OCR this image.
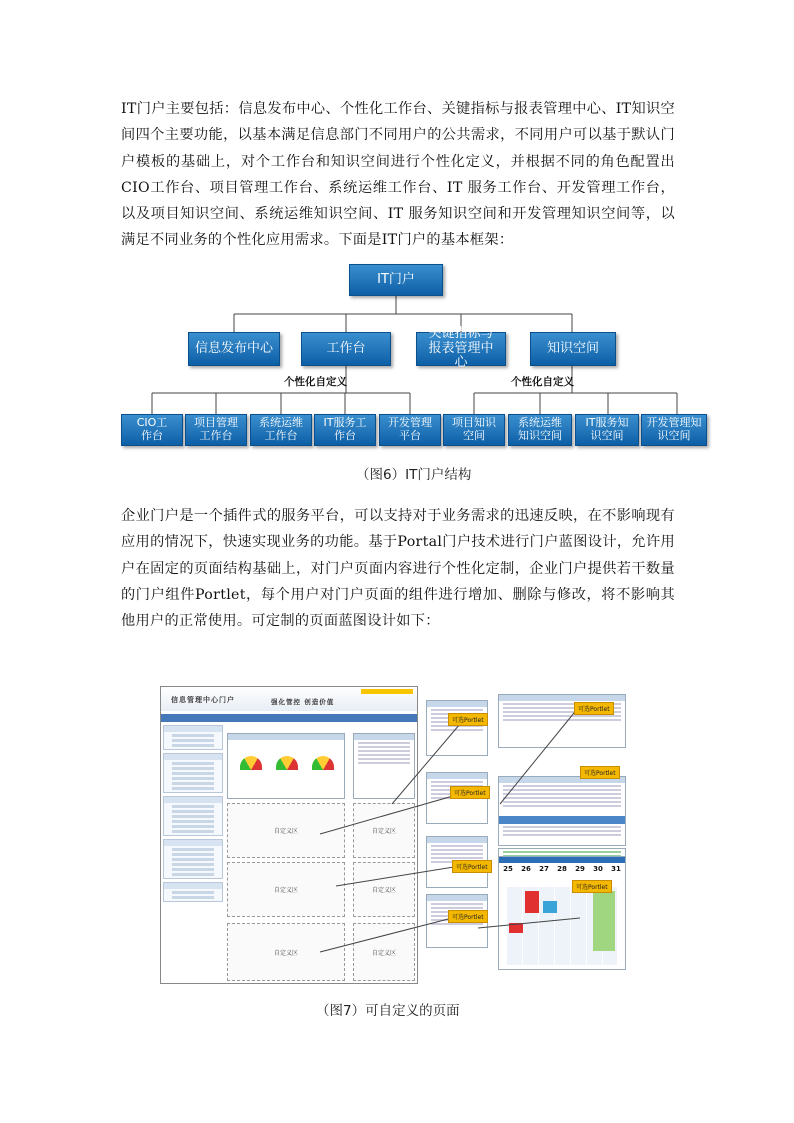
IT门户主要包括：信息发布中心、个性化工作台、关键指标与报表管理中心、IT知识空间四个主要功能，以基本满足信息部门不同用户的公共需求，不同用户可以基于默认门户模板的基础上，对个工作台和知识空间进行个性化定义，并根据不同的角色配置出CIO工作台、项目管理工作台、系统运维工作台、IT 服务工作台、开发管理工作台，以及项目知识空间、系统运维知识空间、IT 服务知识空间和开发管理知识空间等，以满足不同业务的个性化应用需求。下面是IT门户的基本框架：

IT门户
信息发布中心	工作台
关键指标与报表管理中心
知识空间
个性化自定义	个性化自定义
CIO工作台
项目管理工作台
系统运维工作台
IT服务工作台
开发管理平台
项目知识空间
系统运维知识空间
IT服务知识空间
开发管理知识空间
（图6）IT门户结构

企业门户是一个插件式的服务平台，可以支持对于业务需求的迅速反映，在不影响现有应用的情况下，快速实现业务的功能。基于Portal门户技术进行门户蓝图设计，允许用户在固定的页面结构基础上，对门户页面内容进行个性化定制，企业门户提供若干数量的门户组件Portlet，每个用户对门户页面的组件进行增加、删除与修改，将不影响其他用户的正常使用。可定制的页面蓝图设计如下：

信息管理中心门户	强化管控 创造价值
自定义区	自定义区
自定义区	自定义区
自定义区	自定义区
25 26 27 28 29 30 31
可选Portlet
可选Portlet
可选Portlet
可选Portlet
可选Portlet
可选Portlet
可选Portlet
（图7）可自定义的页面
